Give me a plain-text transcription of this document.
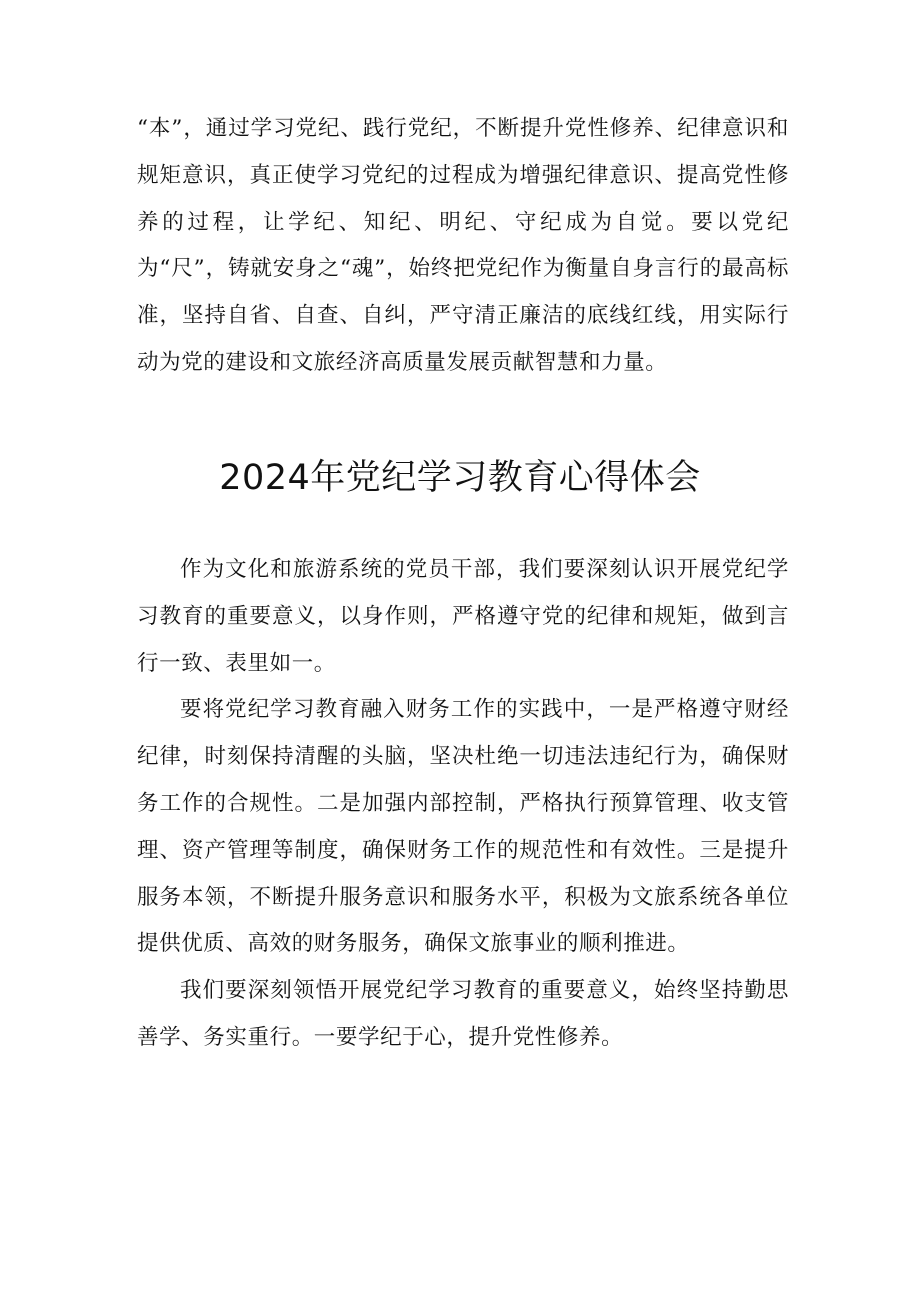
“本”，通过学习党纪、践行党纪，不断提升党性修养、纪律意识和规矩意识，真正使学习党纪的过程成为增强纪律意识、提高党性修养的过程，让学纪、知纪、明纪、守纪成为自觉。要以党纪为“尺”，铸就安身之“魂”，始终把党纪作为衡量自身言行的最高标准，坚持自省、自查、自纠，严守清正廉洁的底线红线，用实际行动为党的建设和文旅经济高质量发展贡献智慧和力量。
2024年党纪学习教育心得体会

作为文化和旅游系统的党员干部，我们要深刻认识开展党纪学习教育的重要意义，以身作则，严格遵守党的纪律和规矩，做到言行一致、表里如一。

要将党纪学习教育融入财务工作的实践中，一是严格遵守财经纪律，时刻保持清醒的头脑，坚决杜绝一切违法违纪行为，确保财务工作的合规性。二是加强内部控制，严格执行预算管理、收支管理、资产管理等制度，确保财务工作的规范性和有效性。三是提升服务本领，不断提升服务意识和服务水平，积极为文旅系统各单位提供优质、高效的财务服务，确保文旅事业的顺利推进。

我们要深刻领悟开展党纪学习教育的重要意义，始终坚持勤思善学、务实重行。一要学纪于心，提升党性修养。
